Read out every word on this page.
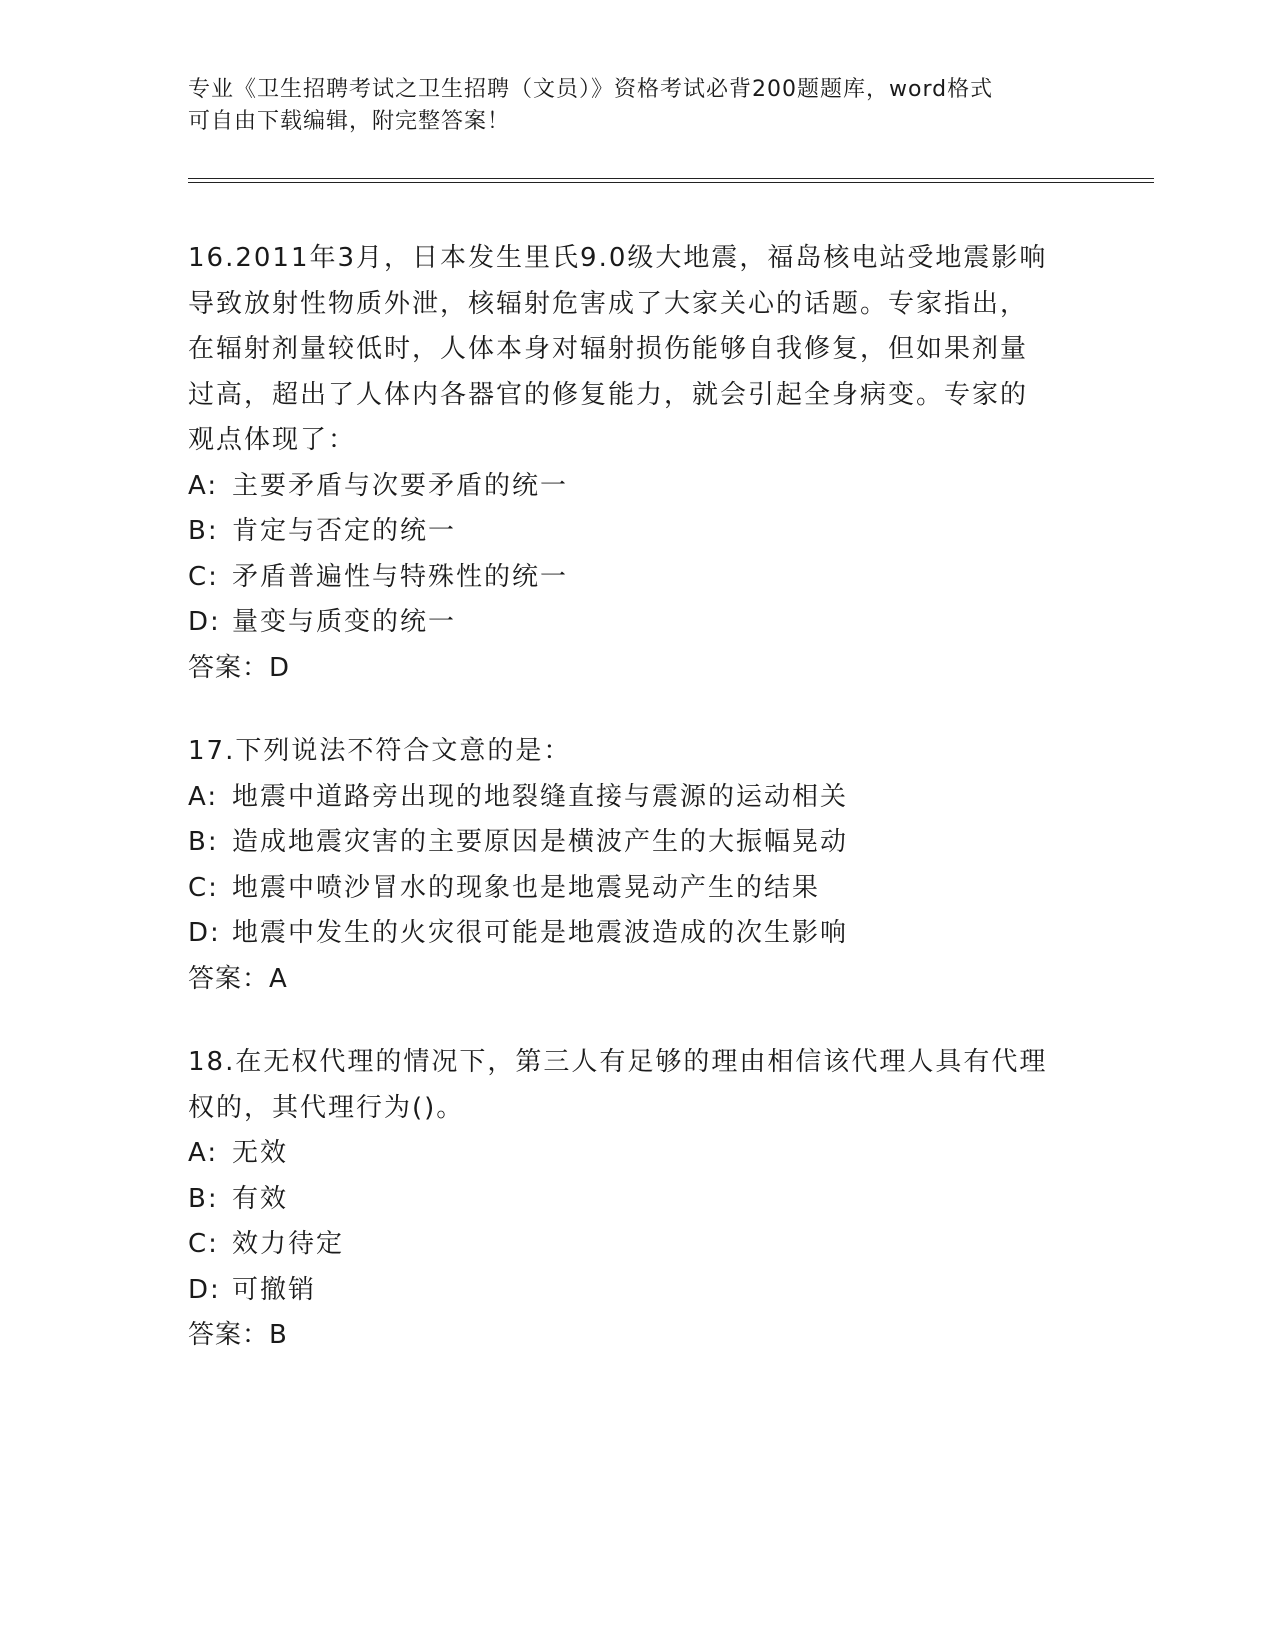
专业《卫生招聘考试之卫生招聘（文员）》资格考试必背200题题库，word格式
可自由下载编辑，附完整答案！
16.2011年3月，日本发生里氏9.0级大地震，福岛核电站受地震影响
导致放射性物质外泄，核辐射危害成了大家关心的话题。专家指出，
在辐射剂量较低时，人体本身对辐射损伤能够自我修复，但如果剂量
过高，超出了人体内各器官的修复能力，就会引起全身病变。专家的
观点体现了：
A: 主要矛盾与次要矛盾的统一
B: 肯定与否定的统一
C: 矛盾普遍性与特殊性的统一
D: 量变与质变的统一
答案：D
17.下列说法不符合文意的是：
A: 地震中道路旁出现的地裂缝直接与震源的运动相关
B: 造成地震灾害的主要原因是横波产生的大振幅晃动
C: 地震中喷沙冒水的现象也是地震晃动产生的结果
D: 地震中发生的火灾很可能是地震波造成的次生影响
答案：A
18.在无权代理的情况下，第三人有足够的理由相信该代理人具有代理
权的，其代理行为()。
A: 无效
B: 有效
C: 效力待定
D: 可撤销
答案：B
